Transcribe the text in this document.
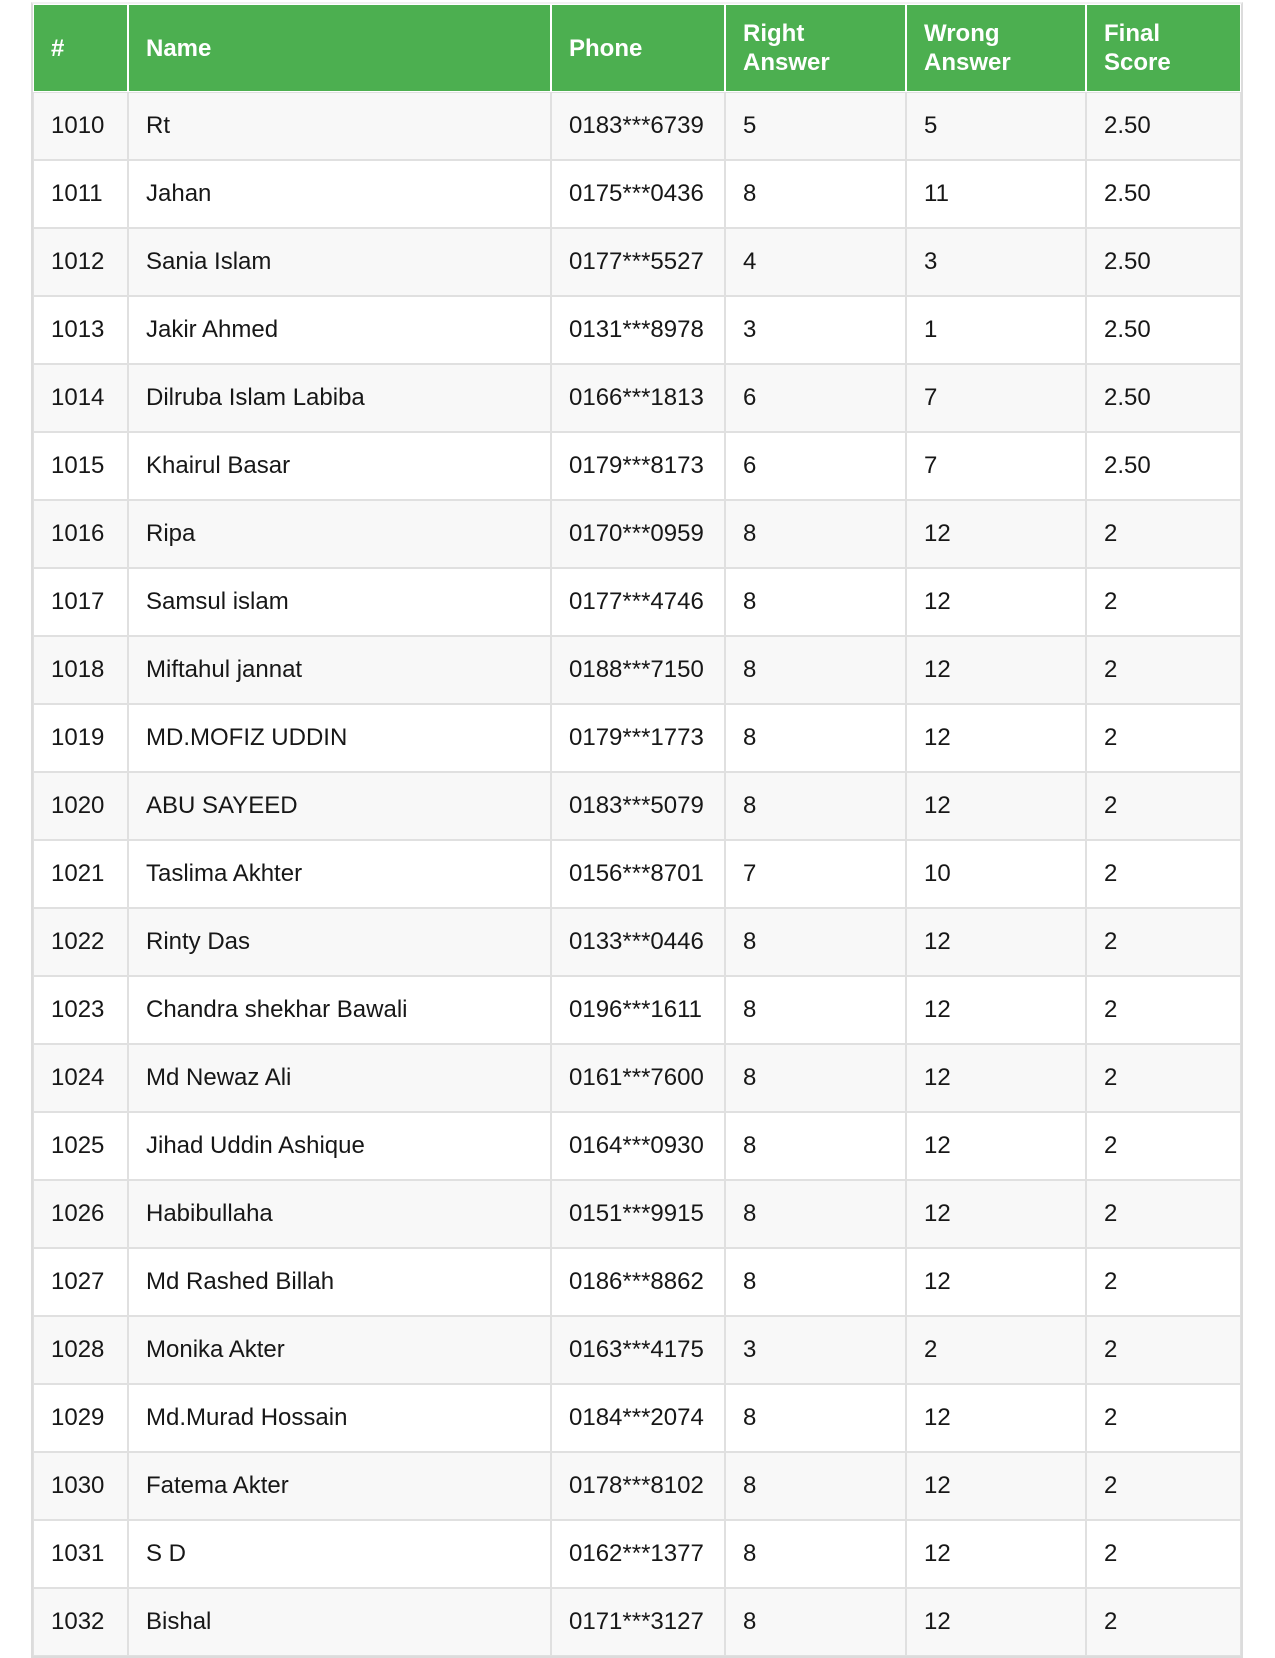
#	Name	Phone	Right Answer	Wrong Answer	Final Score
1010	Rt	0183***6739	5	5	2.50
1011	Jahan	0175***0436	8	11	2.50
1012	Sania Islam	0177***5527	4	3	2.50
1013	Jakir Ahmed	0131***8978	3	1	2.50
1014	Dilruba Islam Labiba	0166***1813	6	7	2.50
1015	Khairul Basar	0179***8173	6	7	2.50
1016	Ripa	0170***0959	8	12	2
1017	Samsul islam	0177***4746	8	12	2
1018	Miftahul jannat	0188***7150	8	12	2
1019	MD.MOFIZ UDDIN	0179***1773	8	12	2
1020	ABU SAYEED	0183***5079	8	12	2
1021	Taslima Akhter	0156***8701	7	10	2
1022	Rinty Das	0133***0446	8	12	2
1023	Chandra shekhar Bawali	0196***1611	8	12	2
1024	Md Newaz Ali	0161***7600	8	12	2
1025	Jihad Uddin Ashique	0164***0930	8	12	2
1026	Habibullaha	0151***9915	8	12	2
1027	Md Rashed Billah	0186***8862	8	12	2
1028	Monika Akter	0163***4175	3	2	2
1029	Md.Murad Hossain	0184***2074	8	12	2
1030	Fatema Akter	0178***8102	8	12	2
1031	S D	0162***1377	8	12	2
1032	Bishal	0171***3127	8	12	2
